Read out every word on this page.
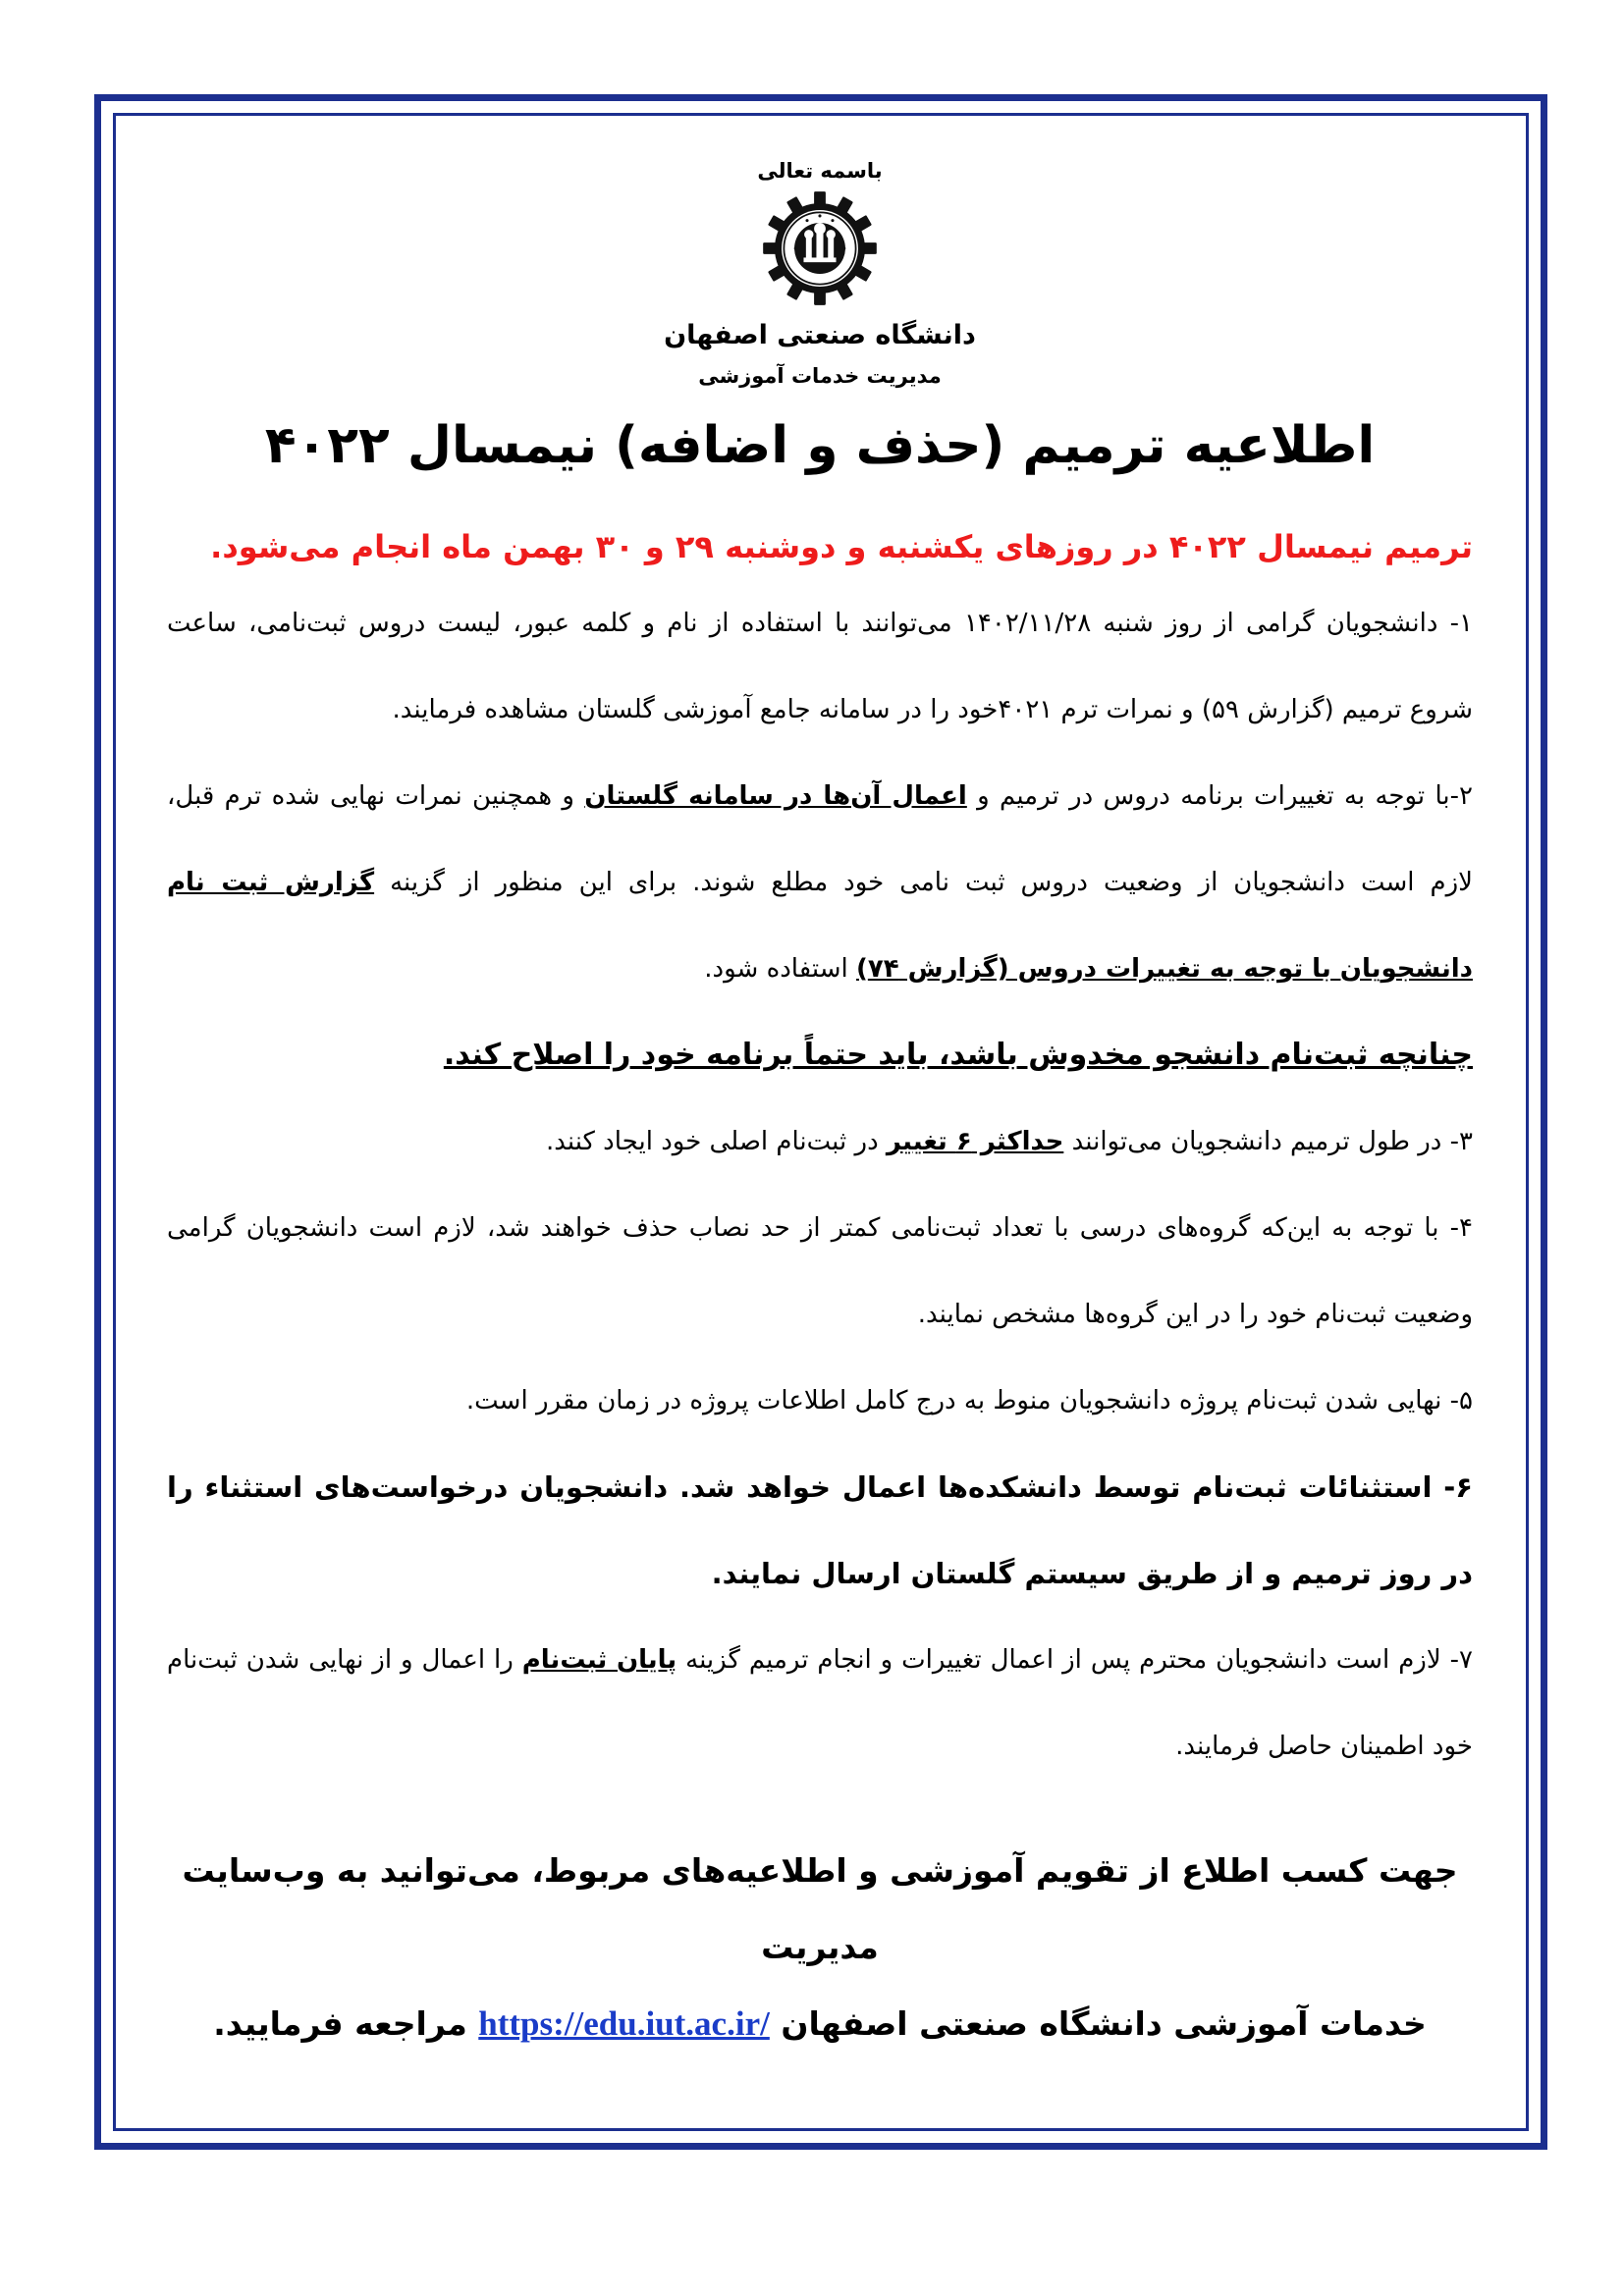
باسمه تعالی
دانشگاه صنعتی اصفهان
مدیریت خدمات آموزشی
اطلاعیه ترمیم (حذف و اضافه) نیمسال ۴۰۲۲
ترمیم نیمسال ۴۰۲۲ در روزهای یکشنبه و دوشنبه ۲۹ و ۳۰ بهمن ماه انجام می‌شود.

۱- دانشجویان گرامی از روز شنبه ۱۴۰۲/۱۱/۲۸ می‌توانند با استفاده از نام و کلمه عبور، لیست دروس ثبت‌نامی، ساعت شروع ترمیم (گزارش ۵۹) و نمرات ترم ۴۰۲۱خود را در سامانه جامع آموزشی گلستان مشاهده فرمایند.

۲-با توجه به تغییرات برنامه دروس در ترمیم و اعمال آن‌ها در سامانه گلستان و همچنین نمرات نهایی شده ترم قبل، لازم است دانشجویان از وضعیت دروس ثبت نامی خود مطلع شوند. برای این منظور از گزینه گزارش ثبت نام دانشجویان با توجه به تغییرات دروس (گزارش ۷۴) استفاده شود.

چنانچه ثبت‌نام دانشجو مخدوش باشد، باید حتماً برنامه خود را اصلاح کند.

۳- در طول ترمیم دانشجویان می‌توانند حداکثر ۶ تغییر در ثبت‌نام اصلی خود ایجاد کنند.

۴- با توجه به این‌که گروه‌های درسی با تعداد ثبت‌نامی کمتر از حد نصاب حذف خواهند شد، لازم است دانشجویان گرامی وضعیت ثبت‌نام خود را در این گروه‌ها مشخص نمایند.

۵- نهایی شدن ثبت‌نام پروژه دانشجویان منوط به درج کامل اطلاعات پروژه در زمان مقرر است.

۶- استثنائات ثبت‌نام توسط دانشکده‌ها اعمال خواهد شد. دانشجویان درخواست‌های استثناء را در روز ترمیم و از طریق سیستم گلستان ارسال نمایند.

۷- لازم است دانشجویان محترم پس از اعمال تغییرات و انجام ترمیم گزینه پایان ثبت‌نام را اعمال و از نهایی شدن ثبت‌نام خود اطمینان حاصل فرمایند.

جهت کسب اطلاع از تقویم آموزشی و اطلاعیه‌های مربوط، می‌توانید به وب‌سایت مدیریت
خدمات آموزشی دانشگاه صنعتی اصفهان https://edu.iut.ac.ir/ مراجعه فرمایید.
